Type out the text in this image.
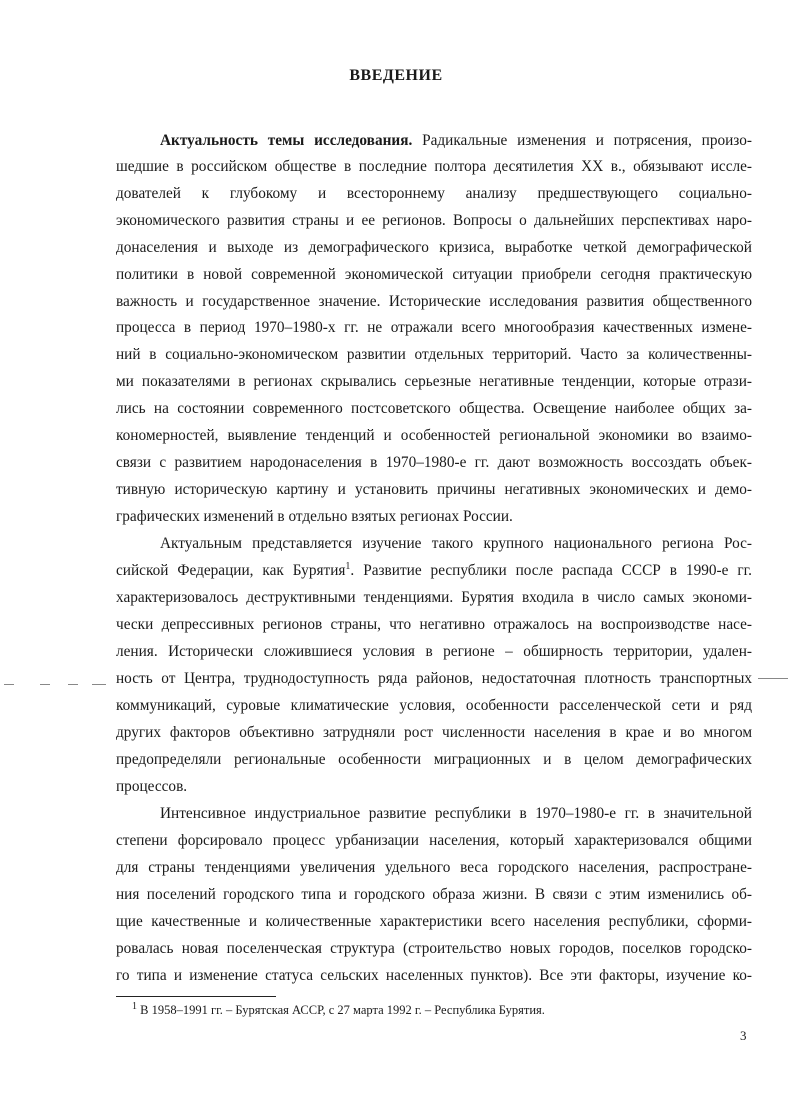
ВВЕДЕНИЕ
Актуальность темы исследования. Радикальные изменения и потрясения, произо-
шедшие в российском обществе в последние полтора десятилетия XX в., обязывают иссле-
дователей к глубокому и всестороннему анализу предшествующего социально-
экономического развития страны и ее регионов. Вопросы о дальнейших перспективах наро-
донаселения и выходе из демографического кризиса, выработке четкой демографической
политики в новой современной экономической ситуации приобрели сегодня практическую
важность и государственное значение. Исторические исследования развития общественного
процесса в период 1970–1980-х гг. не отражали всего многообразия качественных измене-
ний в социально-экономическом развитии отдельных территорий. Часто за количественны-
ми показателями в регионах скрывались серьезные негативные тенденции, которые отрази-
лись на состоянии современного постсоветского общества. Освещение наиболее общих за-
кономерностей, выявление тенденций и особенностей региональной экономики во взаимо-
связи с развитием народонаселения в 1970–1980-е гг. дают возможность воссоздать объек-
тивную историческую картину и установить причины негативных экономических и демо-
графических изменений в отдельно взятых регионах России.
Актуальным представляется изучение такого крупного национального региона Рос-
сийской Федерации, как Бурятия$^1$. Развитие республики после распада СССР в 1990-е гг.
характеризовалось деструктивными тенденциями. Бурятия входила в число самых экономи-
чески депрессивных регионов страны, что негативно отражалось на воспроизводстве насе-
ления. Исторически сложившиеся условия в регионе – обширность территории, удален-
ность от Центра, труднодоступность ряда районов, недостаточная плотность транспортных
коммуникаций, суровые климатические условия, особенности расселенческой сети и ряд
других факторов объективно затрудняли рост численности населения в крае и во многом
предопределяли региональные особенности миграционных и в целом демографических
процессов.
Интенсивное индустриальное развитие республики в 1970–1980-е гг. в значительной
степени форсировало процесс урбанизации населения, который характеризовался общими
для страны тенденциями увеличения удельного веса городского населения, распростране-
ния поселений городского типа и городского образа жизни. В связи с этим изменились об-
щие качественные и количественные характеристики всего населения республики, сформи-
ровалась новая поселенческая структура (строительство новых городов, поселков городско-
го типа и изменение статуса сельских населенных пунктов). Все эти факторы, изучение ко-
$^1$ В 1958–1991 гг. – Бурятская АССР, с 27 марта 1992 г. – Республика Бурятия.
3
